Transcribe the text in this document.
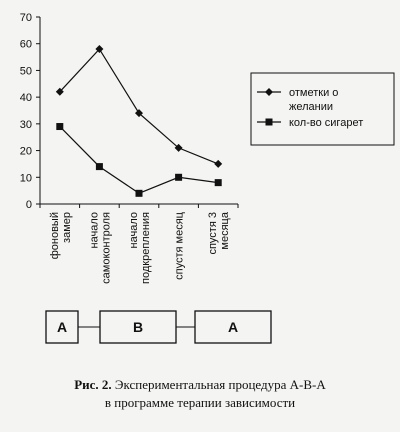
0
10
20
30
40
50
60
70
фоновый замер начало самоконтроля начало подкрепления спустя месяц спустя 3 месяца
отметки о
желании
кол-во сигарет
A	B	A
Рис. 2. Экспериментальная процедура А-В-А
в программе терапии зависимости
